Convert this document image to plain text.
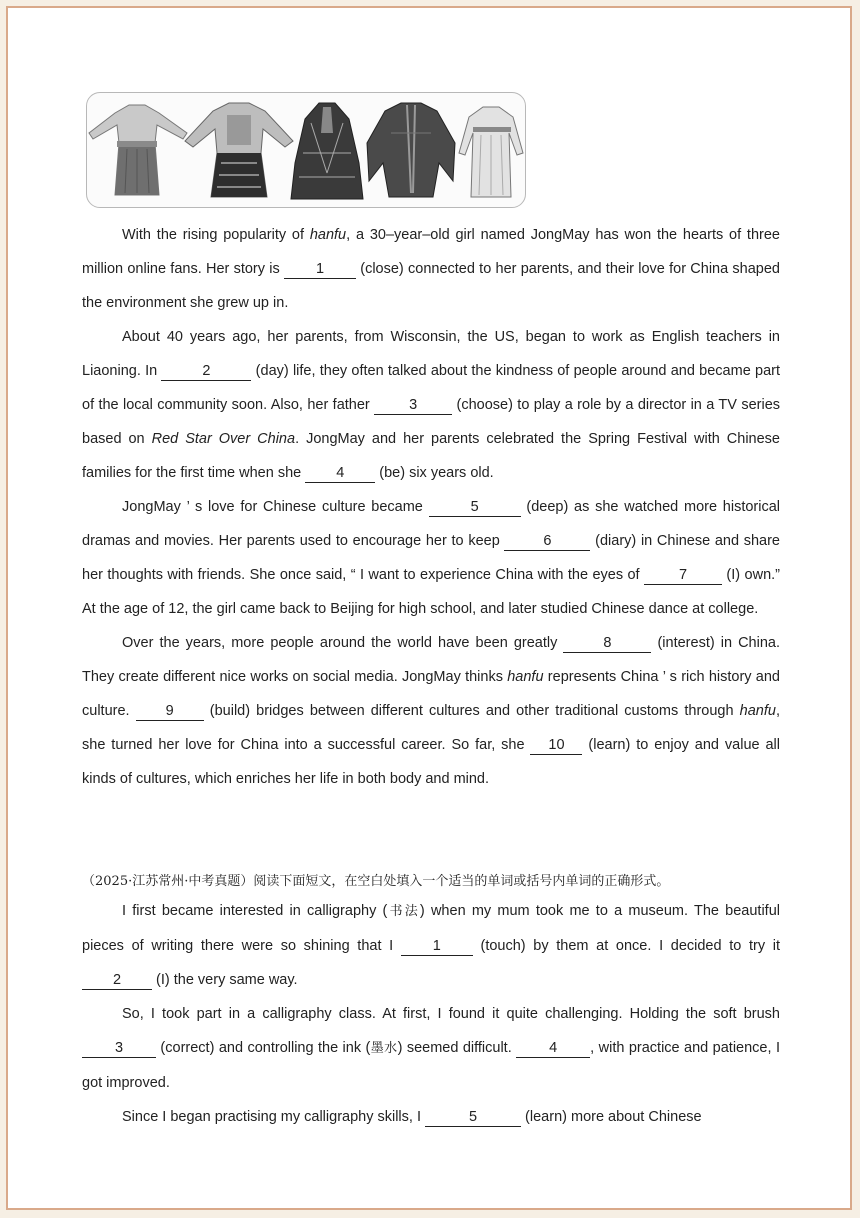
With the rising popularity of hanfu, a 30–year–old girl named JongMay has won the hearts of three million online fans. Her story is 1 (close) connected to her parents, and their love for China shaped the environment she grew up in.

About 40 years ago, her parents, from Wisconsin, the US, began to work as English teachers in Liaoning. In	2	(day) life, they often talked about the kindness of people around and became part of the local community soon. Also, her father 3 (choose) to play a role by a director in a TV series based on Red Star Over China. JongMay and her parents celebrated the Spring Festival with Chinese families for the first time when she 4 (be) six years old.

JongMay ’ s love for Chinese culture became	5	(deep) as she watched more historical dramas and movies. Her parents used to encourage her to keep	6	(diary) in Chinese and share her thoughts with friends. She once said, “ I want to experience China with the eyes of 7 (I) own.” At the age of 12, the girl came back to Beijing for high school, and later studied Chinese dance at college.

Over the years, more people around the world have been greatly	8	(interest) in China. They create different nice works on social media. JongMay thinks hanfu represents China ’ s rich history and culture. 9 (build) bridges between different cultures and other traditional customs through hanfu, she turned her love for China into a successful career. So far, she 10 (learn) to enjoy and value all kinds of cultures, which enriches her life in both body and mind.

（2025·江苏常州·中考真题）阅读下面短文，在空白处填入一个适当的单词或括号内单词的正确形式。

I first became interested in calligraphy (书法) when my mum took me to a museum. The beautiful pieces of writing there were so shining that I 1 (touch) by them at once. I decided to try it 2 (I) the very same way.

So, I took part in a calligraphy class. At first, I found it quite challenging. Holding the soft brush 3 (correct) and controlling the ink (墨水) seemed difficult. 4 , with practice and patience, I got improved.

Since I began practising my calligraphy skills, I	5	(learn) more about Chinese
